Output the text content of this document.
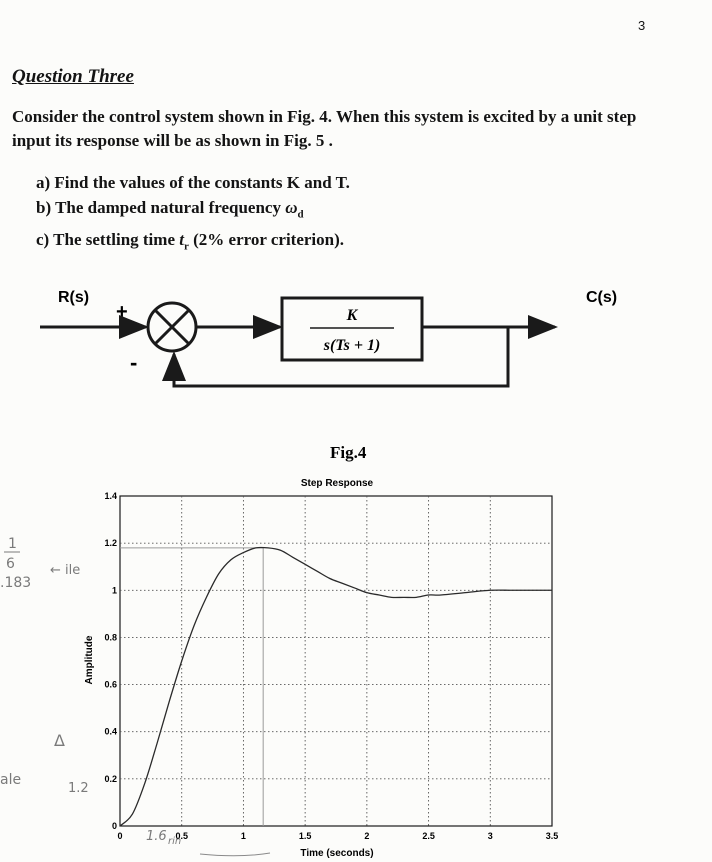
3
Question Three
Consider the control system shown in Fig. 4. When this system is excited by a unit step input its response will be as shown in Fig. 5 .
a) Find the values of the constants K and T.
b) The damped natural frequency $\omega_d$
c) The settling time $t_r$ (2% error criterion).
R(s)	C(s)
+
-
K
s(Ts + 1)
Fig.4
Step Response
Time (seconds)
Amplitude
0	0.5	1	1.5	2	2.5	3	3.5
0
0.2
0.4
0.6
0.8
1
1.2
1.4
1
6
.183
← ile
Δ
ale
1.2
1.6 rin
